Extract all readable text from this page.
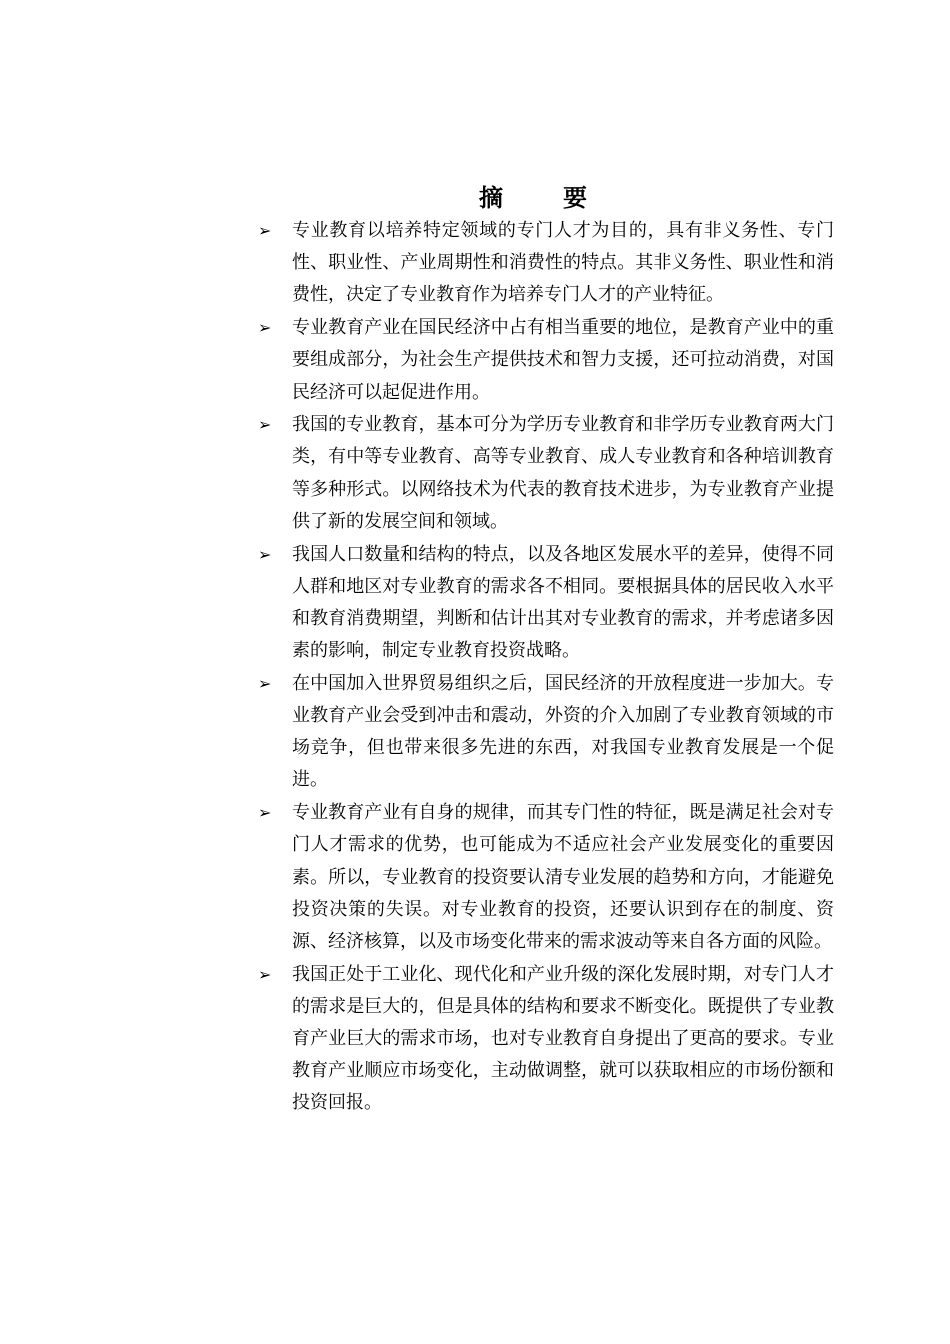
摘　要
➢ 专业教育以培养特定领域的专门人才为目的，具有非义务性、专门性、职业性、产业周期性和消费性的特点。其非义务性、职业性和消费性，决定了专业教育作为培养专门人才的产业特征。
➢ 专业教育产业在国民经济中占有相当重要的地位，是教育产业中的重要组成部分，为社会生产提供技术和智力支援，还可拉动消费，对国民经济可以起促进作用。
➢ 我国的专业教育，基本可分为学历专业教育和非学历专业教育两大门类，有中等专业教育、高等专业教育、成人专业教育和各种培训教育等多种形式。以网络技术为代表的教育技术进步，为专业教育产业提供了新的发展空间和领域。
➢ 我国人口数量和结构的特点，以及各地区发展水平的差异，使得不同人群和地区对专业教育的需求各不相同。要根据具体的居民收入水平和教育消费期望，判断和估计出其对专业教育的需求，并考虑诸多因素的影响，制定专业教育投资战略。
➢ 在中国加入世界贸易组织之后，国民经济的开放程度进一步加大。专业教育产业会受到冲击和震动，外资的介入加剧了专业教育领域的市场竞争，但也带来很多先进的东西，对我国专业教育发展是一个促进。
➢ 专业教育产业有自身的规律，而其专门性的特征，既是满足社会对专门人才需求的优势，也可能成为不适应社会产业发展变化的重要因素。所以，专业教育的投资要认清专业发展的趋势和方向，才能避免投资决策的失误。对专业教育的投资，还要认识到存在的制度、资源、经济核算，以及市场变化带来的需求波动等来自各方面的风险。
➢ 我国正处于工业化、现代化和产业升级的深化发展时期，对专门人才的需求是巨大的，但是具体的结构和要求不断变化。既提供了专业教育产业巨大的需求市场，也对专业教育自身提出了更高的要求。专业教育产业顺应市场变化，主动做调整，就可以获取相应的市场份额和投资回报。
